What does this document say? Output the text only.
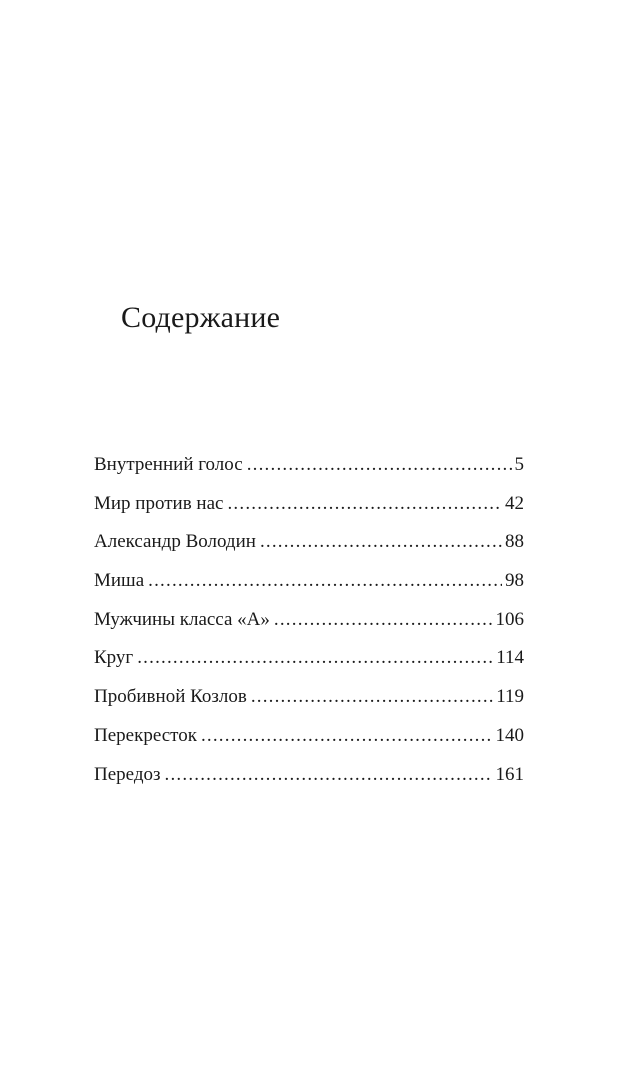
Содержание
Внутренний голос .....	5
Мир против нас .....	42
Александр Володин .....	88
Миша .....	98
Мужчины класса «А» .....	106
Круг .....	114
Пробивной Козлов .....	119
Перекресток .....	140
Передоз .....	161
